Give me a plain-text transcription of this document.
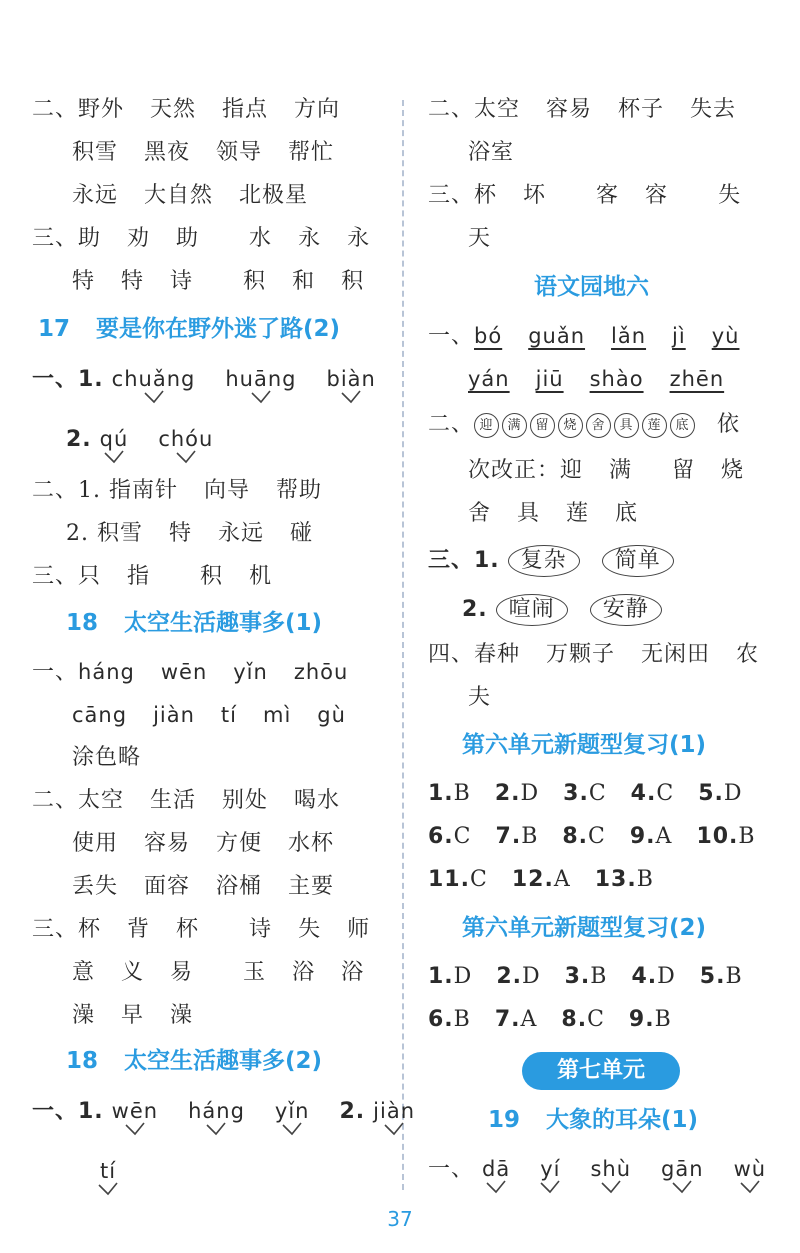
二、野外 天然 指点 方向
积雪 黑夜 领导 帮忙
永远 大自然 北极星
三、助 劝 助 水 永 永
特 特 诗 积 和 积
17 要是你在野外迷了路(2)
一、1. chuǎng huāng biàn
2. qú chóu
二、1. 指南针 向导 帮助
2. 积雪 特 永远 碰
三、只 指 积 机
18 太空生活趣事多(1)
一、háng wēn yǐn zhōu
cāng jiàn tí mì gù
涂色略
二、太空 生活 别处 喝水
使用 容易 方便 水杯
丢失 面容 浴桶 主要
三、杯 背 杯 诗 失 师
意 义 易 玉 浴 浴
澡 早 澡
18 太空生活趣事多(2)
一、1. wēn háng yǐn 2. jiàn
tí
二、太空 容易 杯子 失去
浴室
三、杯 坏 客 容 失
天
语文园地六
一、bó guǎn lǎn jì yù
yán jiū shào zhēn
二、 迎 满 留 烧 舍 具 莲 底 依
次改正：迎 满 留 烧
舍 具 莲 底
三、1. 复杂 简单
2. 喧闹 安静
四、春种 万颗子 无闲田 农
夫
第六单元新题型复习(1)
1.B 2.D 3.C 4.C 5.D
6.C 7.B 8.C 9.A 10.B
11.C 12.A 13.B
第六单元新题型复习(2)
1.D 2.D 3.B 4.D 5.B
6.B 7.A 8.C 9.B
第七单元
19 大象的耳朵(1)
一、 dā yí shù gān wù
37
